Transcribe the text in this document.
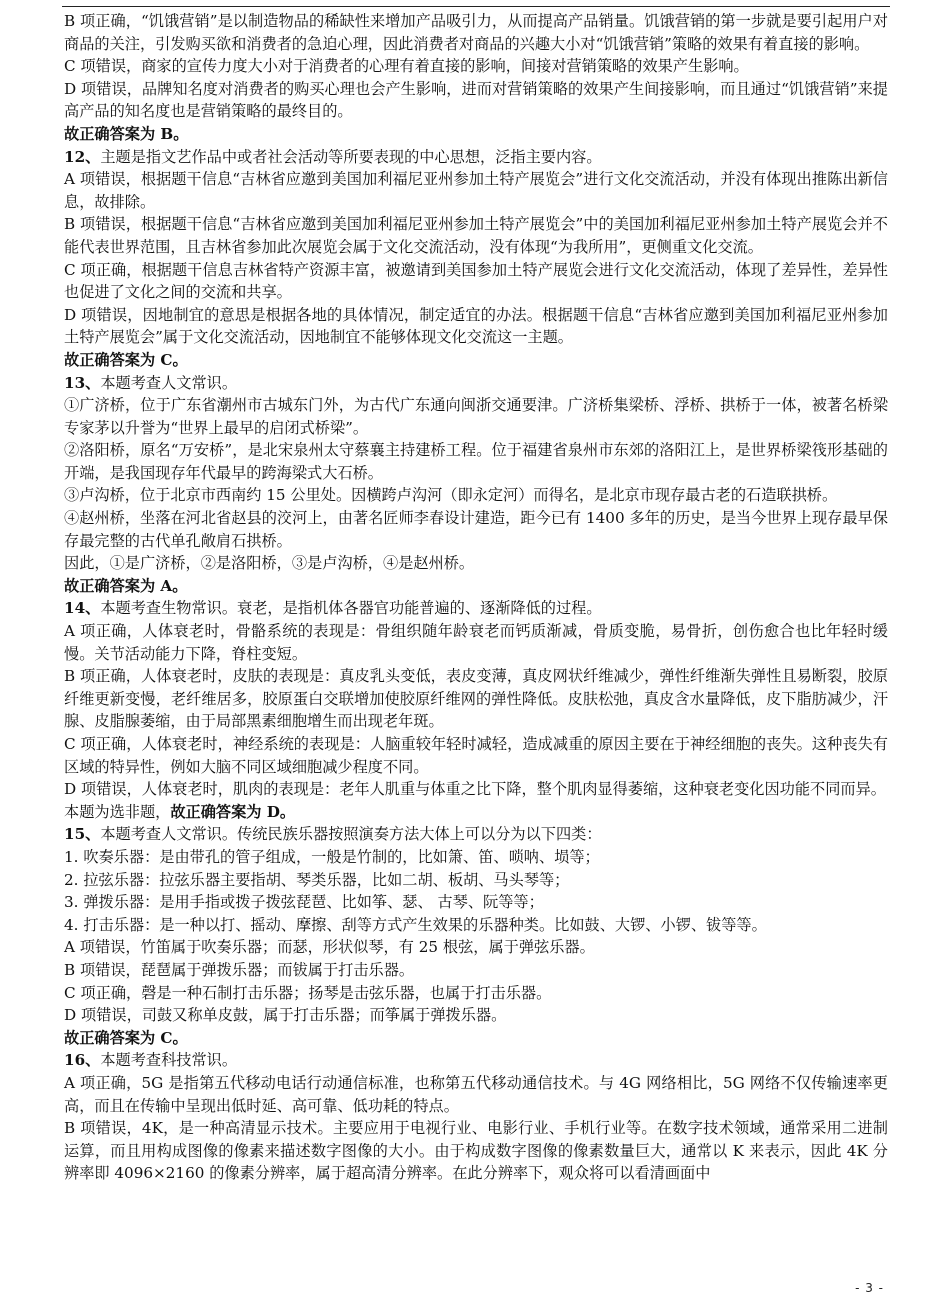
B 项正确，“饥饿营销”是以制造物品的稀缺性来增加产品吸引力，从而提高产品销量。饥饿营销的第一步就是要引起用户对商品的关注，引发购买欲和消费者的急迫心理，因此消费者对商品的兴趣大小对“饥饿营销”策略的效果有着直接的影响。

C 项错误，商家的宣传力度大小对于消费者的心理有着直接的影响，间接对营销策略的效果产生影响。

D 项错误，品牌知名度对消费者的购买心理也会产生影响，进而对营销策略的效果产生间接影响，而且通过“饥饿营销”来提高产品的知名度也是营销策略的最终目的。

故正确答案为 B。

12、主题是指文艺作品中或者社会活动等所要表现的中心思想，泛指主要内容。

A 项错误，根据题干信息“吉林省应邀到美国加利福尼亚州参加土特产展览会”进行文化交流活动，并没有体现出推陈出新信息，故排除。

B 项错误，根据题干信息“吉林省应邀到美国加利福尼亚州参加土特产展览会”中的美国加利福尼亚州参加土特产展览会并不能代表世界范围，且吉林省参加此次展览会属于文化交流活动，没有体现“为我所用”，更侧重文化交流。

C 项正确，根据题干信息吉林省特产资源丰富，被邀请到美国参加土特产展览会进行文化交流活动，体现了差异性，差异性也促进了文化之间的交流和共享。

D 项错误，因地制宜的意思是根据各地的具体情况，制定适宜的办法。根据题干信息“吉林省应邀到美国加利福尼亚州参加土特产展览会”属于文化交流活动，因地制宜不能够体现文化交流这一主题。

故正确答案为 C。

13、本题考查人文常识。

①广济桥，位于广东省潮州市古城东门外，为古代广东通向闽浙交通要津。广济桥集梁桥、浮桥、拱桥于一体，被著名桥梁专家茅以升誉为“世界上最早的启闭式桥梁”。

②洛阳桥，原名“万安桥”，是北宋泉州太守蔡襄主持建桥工程。位于福建省泉州市东郊的洛阳江上，是世界桥梁筏形基础的开端，是我国现存年代最早的跨海梁式大石桥。

③卢沟桥，位于北京市西南约 15 公里处。因横跨卢沟河（即永定河）而得名，是北京市现存最古老的石造联拱桥。

④赵州桥，坐落在河北省赵县的洨河上，由著名匠师李春设计建造，距今已有 1400 多年的历史，是当今世界上现存最早保存最完整的古代单孔敞肩石拱桥。

因此，①是广济桥，②是洛阳桥，③是卢沟桥，④是赵州桥。

故正确答案为 A。

14、本题考查生物常识。衰老，是指机体各器官功能普遍的、逐渐降低的过程。

A 项正确，人体衰老时，骨骼系统的表现是：骨组织随年龄衰老而钙质渐减，骨质变脆，易骨折，创伤愈合也比年轻时缓慢。关节活动能力下降，脊柱变短。

B 项正确，人体衰老时，皮肤的表现是：真皮乳头变低，表皮变薄，真皮网状纤维减少，弹性纤维渐失弹性且易断裂，胶原纤维更新变慢，老纤维居多，胶原蛋白交联增加使胶原纤维网的弹性降低。皮肤松弛，真皮含水量降低，皮下脂肪减少，汗腺、皮脂腺萎缩，由于局部黑素细胞增生而出现老年斑。

C 项正确，人体衰老时，神经系统的表现是：人脑重较年轻时减轻，造成减重的原因主要在于神经细胞的丧失。这种丧失有区域的特异性，例如大脑不同区域细胞减少程度不同。

D 项错误，人体衰老时，肌肉的表现是：老年人肌重与体重之比下降，整个肌肉显得萎缩，这种衰老变化因功能不同而异。

本题为选非题，故正确答案为 D。

15、本题考查人文常识。传统民族乐器按照演奏方法大体上可以分为以下四类：

1. 吹奏乐器：是由带孔的管子组成，一般是竹制的，比如箫、笛、唢呐、埙等；

2. 拉弦乐器：拉弦乐器主要指胡、琴类乐器，比如二胡、板胡、马头琴等；

3. 弹拨乐器：是用手指或拨子拨弦琵琶、比如筝、瑟、 古琴、阮等等；

4. 打击乐器：是一种以打、摇动、摩擦、刮等方式产生效果的乐器种类。比如鼓、大锣、小锣、钹等等。

A 项错误，竹笛属于吹奏乐器；而瑟，形状似琴，有 25 根弦，属于弹弦乐器。

B 项错误，琵琶属于弹拨乐器；而钹属于打击乐器。

C 项正确，磬是一种石制打击乐器；扬琴是击弦乐器，也属于打击乐器。

D 项错误，司鼓又称单皮鼓，属于打击乐器；而筝属于弹拨乐器。

故正确答案为 C。

16、本题考查科技常识。

A 项正确，5G 是指第五代移动电话行动通信标准，也称第五代移动通信技术。与 4G 网络相比，5G 网络不仅传输速率更高，而且在传输中呈现出低时延、高可靠、低功耗的特点。

B 项错误，4K，是一种高清显示技术。主要应用于电视行业、电影行业、手机行业等。在数字技术领域，通常采用二进制运算，而且用构成图像的像素来描述数字图像的大小。由于构成数字图像的像素数量巨大，通常以 K 来表示，因此 4K 分辨率即 4096×2160 的像素分辨率，属于超高清分辨率。在此分辨率下，观众将可以看清画面中

- 3 -
